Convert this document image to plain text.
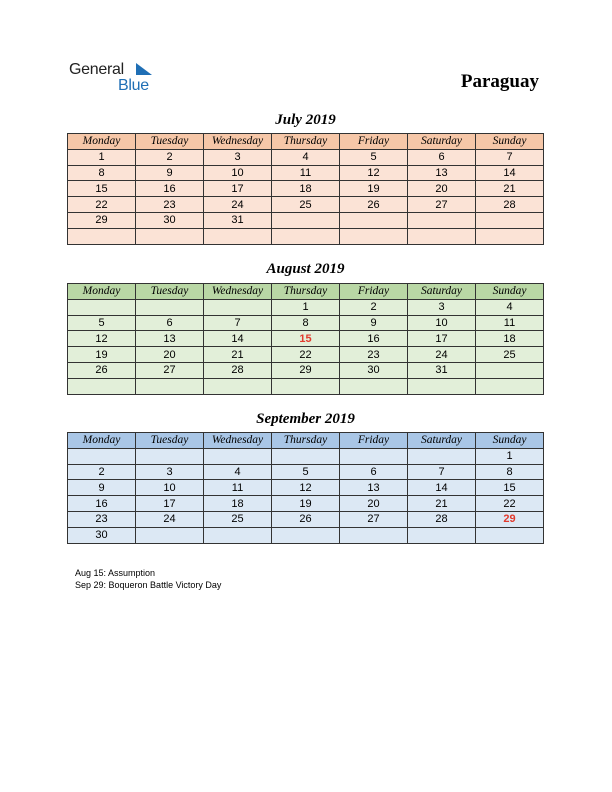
General
Blue	Paraguay
July 2019
Monday	Tuesday	Wednesday	Thursday	Friday	Saturday	Sunday
1	2	3	4	5	6	7
8	9	10	11	12	13	14
15	16	17	18	19	20	21
22	23	24	25	26	27	28
29	30	31				

August 2019
Monday	Tuesday	Wednesday	Thursday	Friday	Saturday	Sunday
			1	2	3	4
5	6	7	8	9	10	11
12	13	14	15	16	17	18
19	20	21	22	23	24	25
26	27	28	29	30	31	

September 2019
Monday	Tuesday	Wednesday	Thursday	Friday	Saturday	Sunday
						1
2	3	4	5	6	7	8
9	10	11	12	13	14	15
16	17	18	19	20	21	22
23	24	25	26	27	28	29
30						
Aug 15: Assumption
Sep 29: Boqueron Battle Victory Day
